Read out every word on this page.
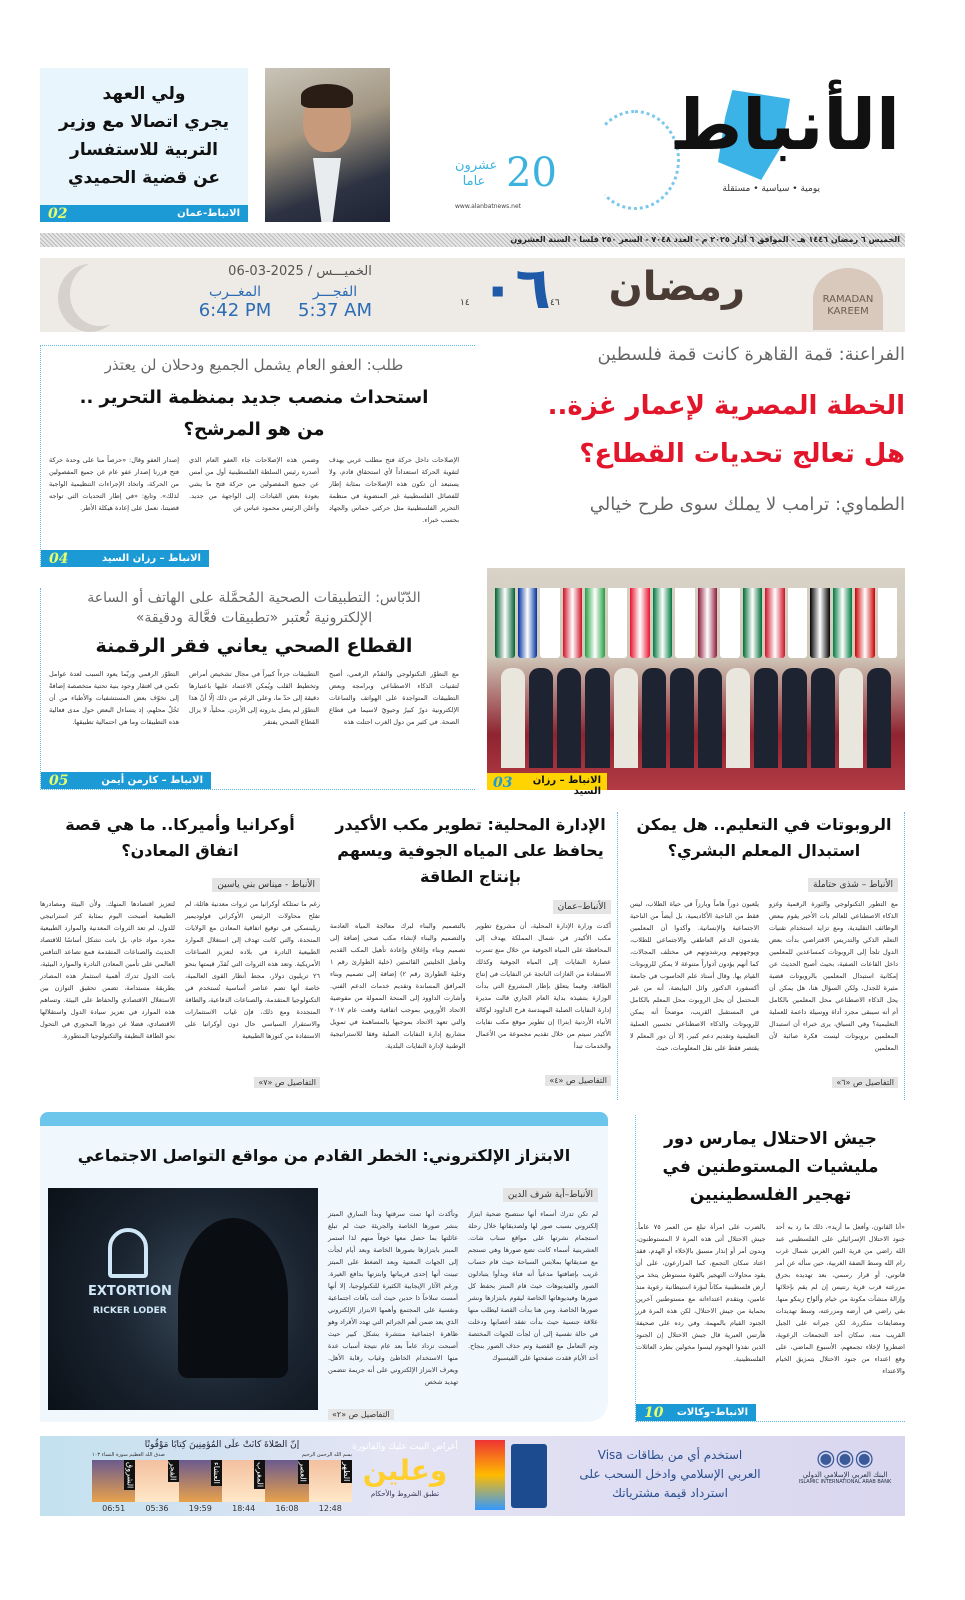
الأنباط
يومية • سياسية • مستقلة
20
عشرون عاما
www.alanbatnews.net
ولي العهد
يجري اتصالا مع وزير
التربية للاستفسار
عن قضية الحميدي
الانباط-عمان
02
الخميس ٦ رمضان ١٤٤٦ هـ - الموافق ٦ آذار ٢٠٢٥ م - العدد ٧٠٤٨ - السعر ٢٥٠ فلسا - السنة العشرون
RAMADAN KAREEM
رمضان
٤٦
٠٦
١٤
الخميـــس / 2025-03-06
الفجـــر
5:37 AM
المغــرب
6:42 PM
الفراعنة: قمة القاهرة كانت قمة فلسطين
الخطة المصرية لإعمار غزة..
هل تعالج تحديات القطاع؟
الطماوي: ترامب لا يملك سوى طرح خيالي
الانباط – رزان السيد
03
طلب: العفو العام يشمل الجميع ودحلان لن يعتذر
استحداث منصب جديد بمنظمة التحرير ..
من هو المرشح؟

الإصلاحات داخل حركة فتح مطلب عربي يهدف لتقوية الحركة استعداداً لأي استحقاق قادم، ولا يستبعد أن تكون هذه الإصلاحات بمثابة إطار للفصائل الفلسطينية غير المنضوية في منظمة التحرير الفلسطينية مثل حركتي حماس والجهاد بحسب خبراء.

وضمن هذه الإصلاحات جاء العفو العام الذي أصدره رئيس السلطة الفلسطينية أول من أمس عن جميع المفصولين من حركة فتح ما يشي بعودة بعض القيادات إلى الواجهة من جديد. وأعلن الرئيس محمود عباس عن

إصدار العفو وقال: «حرصاً منا على وحدة حركة فتح قررنا إصدار عفو عام عن جميع المفصولين من الحركة، واتخاذ الإجراءات التنظيمية الواجبة لذلك». وتابع: «في إطار التحديات التي تواجه قضيتنا، نعمل على إعادة هيكلة الأطر.

الانباط – رزان السيد
04
الدّبّاس: التطبيقات الصحية المُحمَّلة على الهاتف أو الساعة
الإلكترونية تُعتبر «تطبيقات فعَّالة ودقيقة»
القطاع الصحي يعاني فقر الرقمنة

مع التطوّر التكنولوجي والتقدّم الرقمي، أصبح لتقنيات الذكاء الاصطناعي وبرامجه وبعض التطبيقات المتواجدة على الهواتف والساعات الإلكترونية دورٌ كبيرٌ وحيويّ لاسيما في قطاع الصحة. في كثير من دول الغرب احتلت هذه

التطبيقات جزءاً كبيراً في مجال تشخيص أمراض وتخطيط القلب ويُمكن الاعتماد عليها باعتبارها دقيقة إلى حدّ ما، وعلى الرغم من ذلك إلّا أنّ هذا التطوّر لم يصل بذروته إلى الأردن. محلياً، لا يزال القطاع الصحي يفتقر

التطوّر الرقمي وربّما يعود السبب لعدة عوامل تكمن في افتقار وجود بنية تحتية متخصصة إضافةً إلى تخوّف بعض المستشفيات والأطباء من أن تَحُلّ محلهم، إذ يتساءل البعض حول مدى فعالية هذه التطبيقات وما هي احتمالية تطبيقها.

الانباط – كارمن أيمن
05
الروبوتات في التعليم.. هل يمكن
استبدال المعلم البشري؟
الأنباط – شذى حتاملة

مع التطور التكنولوجي والثورة الرقمية وغزو الذكاء الاصطناعي للعالم بات الأخير يقوم ببعض الوظائف التقليدية، ومع تزايد استخدام تقنيات التعلم الذكي والتدريس الافتراضي بدأت بعض الدول تلجأ إلى الروبوتات كمساعدين للمعلمين داخل القاعات الصفية، بحيث أصبح الحديث عن إمكانية استبدال المعلمين بالروبوتات قضية مثيرة للجدل، ولكن السؤال هنا، هل يمكن أن يحل الذكاء الاصطناعي محل المعلمين بالكامل أم أنه سيبقى مجرد أداة ووسيلة داعمة للعملية التعليمية؟ وفي السياق، يرى خبراء أن استبدال المعلمين بروبوتات ليست فكرة صائبة لأن المعلمين

يلعبون دوراً هاماً وبارزاً في حياة الطلاب، ليس فقط من الناحية الأكاديمية، بل أيضاً من الناحية الاجتماعية والإنسانية. وأكدوا أن المعلمين يقدمون الدعم العاطفي والاجتماعي للطلاب، ويوجهونهم ويرشدونهم في مختلف المجالات، كما أنهم يؤدون أدواراً متنوعة لا يمكن للروبوتات القيام بها. وقال أستاذ علم الحاسوب في جامعة أكسفورد الدكتور وائل البيايضة، أنه من غير المحتمل أن يحل الروبوت محل المعلم بالكامل في المستقبل القريب، موضحاً أنه يمكن للروبوتات والذكاء الاصطناعي تحسين العملية التعليمية وتقديم دعم كبير، إلا أن دور المعلم لا يقتصر فقط على نقل المعلومات، حيث

التفاصيل ص «٦»
الإدارة المحلية: تطوير مكب الأكيدر
يحافظ على المياه الجوفية ويسهم
بإنتاج الطاقة
الأنباط–عمان

أكدت وزارة الإدارة المحلية، أن مشروع تطوير مكب الأكيدر في شمال المملكة يهدف إلى المحافظة على المياه الجوفية من خلال منع تسرب عصارة النفايات إلى المياه الجوفية وكذلك الاستفادة من الغازات الناتجة عن النفايات في إنتاج الطاقة. وفيما يتعلق بإطار المشروع التي بدأت الوزارة بتنفيذه بداية العام الجاري قالت مديرة إدارة النفايات الصلبة المهندسة فرح الداوود لوكالة الأنباء الأردنية (بترا) إن تطوير موقع مكب نفايات الأكيدر سيتم من خلال تقديم مجموعة من الأعمال والخدمات تبدأ

بالتصميم والبناء لبرك معالجة المياه العادمة والتصميم والبناء لإنشاء مكب صحي إضافة إلى تصميم وبناء وإغلاق وإعادة تأهيل المكب القديم وتأهيل الخليتين القائمتين (خلية الطوارئ رقم ١ وخلية الطوارئ رقم ٢) إضافة إلى تصميم وبناء المرافق المساندة وتقديم خدمات الدعم الفني. وأشارت الداوود إلى المنحة الممولة من مفوضية الاتحاد الأوروبي بموجب اتفاقية وقعت عام ٢٠١٧ والتي تعهد الاتحاد بموجبها بالمساهمة في تمويل مشاريع إدارة النفايات الصلبة وفقا للاستراتيجية الوطنية لإدارة النفايات البلدية.

التفاصيل ص «٤»
أوكرانيا وأميركا.. ما هي قصة
اتفاق المعادن؟
الأنباط - ميناس بني ياسين

رغم ما تمتلكه أوكرانيا من ثروات معدنية هائلة، لم تفلح محاولات الرئيس الأوكراني فولوديمير زيلينسكي في توقيع اتفاقية المعادن مع الولايات المتحدة، والتي كانت تهدف إلى استغلال الموارد الطبيعية النادرة في بلاده لتعزيز الصناعات الأمريكية. وتعد هذه الثروات التي تُقدّر قيمتها بنحو ٢٦ تريليون دولار، محط أنظار القوى العالمية، خاصة أنها تضم عناصر أساسية تُستخدم في التكنولوجيا المتقدمة، والصناعات الدفاعية، والطاقة المتجددة ومع ذلك، فإن غياب الاستثمارات والاستقرار السياسي حال دون أوكرانيا على الاستفادة من كنوزها الطبيعية

لتعزيز اقتصادها المنهك. ولأن البيئة ومصادرها الطبيعية أصبحت اليوم بمثابة كنز استراتيجي للدول، لم تعد الثروات المعدنية والموارد الطبيعية مجرد مواد خام، بل باتت تشكل أساسًا للاقتصاد الحديث والصناعات المتقدمة فمع تصاعد التنافس العالمي على تأمين المعادن النادرة والموارد البيئية، باتت الدول تدرك أهمية استثمار هذه المصادر بطريقة مستدامة، تضمن تحقيق التوازن بين الاستغلال الاقتصادي والحفاظ على البيئة. وتساهم هذه الموارد في تعزيز سيادة الدول واستقلالها الاقتصادي، فضلا عن دورها المحوري في التحول نحو الطاقة النظيفة والتكنولوجيا المتطورة.

التفاصيل ص «٧»
الابتزاز الإلكتروني: الخطر القادم من مواقع التواصل الاجتماعي
EXTORTION
RICKER LODER
الأنباط–أية شرف الدين

لم تكن تدرك أسماء أنها ستصبح ضحية ابتزاز إلكتروني بسبب صور لها ولصديقاتها خلال رحلة استجمام نشرتها على مواقع سناب شات. العشرينية أسماء كانت تضع صورها وهي تستجم مع صديقاتها بملابس السباحة حيث قام حساب غريب بإضافتها مدعياً أنه فتاة وبدأوا يتبادلون الصور والفيديوهات حيث قام المبتز بحفظ كل صورها وفيديوهاتها الخاصة ليقوم بابتزازها ونشر صورها الخاصة. ومن هنا بدأت القصة ليطلب منها علاقة جنسية حيث بدأت تفقد أعصابها ودخلت في حالة نفسية إلى أن لجأت للجهات المختصة وتم التعامل مع القضية وتم حذف الصور بنجاح. أحد الأيام فقدت صفحتها على الفيسبوك

وتأكدت أنها تمت سرقتها وبدأ السارق المبتز بنشر صورها الخاصة والجريئة حيث لم تبلغ عائلتها بما حصل معها خوفاً منهم لذا استمر المبتز بابتزازها بصورها الخاصة وبعد أيام لجأت إلى الجهات المعنية وبعد الضغط على المبتز تبينت أنها إحدى قريباتها وابتزتها بدافع الغيرة. ورغم الآثار الإيجابية الكثيرة للتكنولوجيا، إلا أنها أمست سلاحاً ذا حدين حيث أتت بآفات اجتماعية ونفسية على المجتمع وأهمها الابتزاز الإلكتروني الذي يعد ضمن أهم الجرائم التي تهدد الأفراد وهو ظاهرة اجتماعية منتشرة بشكل كبير حيث أصبحت تزداد عاماً بعد عام نتيجة أسباب عدة منها الاستخدام الخاطئ وغياب رقابة الأهل. ويعرف الابتزاز الإلكتروني على أنه جريمة تتضمن تهديد شخص

التفاصيل ص «٢»
جيش الاحتلال يمارس دور
مليشيات المستوطنين في
تهجير الفلسطينيين

«أنا القانون، وأفعل ما أريد»، ذلك ما رد به أحد جنود الاحتلال الإسرائيلي على الفلسطيني عبد الله راضي من قرية التين الغربي شمال غرب رام الله وسط الضفة الغربية، حين سأله عن أمر قانوني، أو قرار رسمي، بعد تهديده بحرق مزرعته قرب قرية رنتيس إن لم يقم بإخلائها وإزالة منشآت مكونة من خيام وألواح زينكو منها. بقي راضي في أرضه ومزرعته، وسط تهديدات ومضايقات متكررة، لكن جيرانه على الجبل القريب منه، سكان أحد التجمعات الرعوية، اضطروا لإخلاء تجمعهم، الأسبوع الماضي، على وقع اعتداء من جنود الاحتلال بتمزيق الخيام والاعتداء

بالضرب على امرأة تبلغ من العمر ٧٥ عاماً. جيش الاحتلال أتى هذه المرة لا المستوطنون، وبدون أمر أو إنذار مسبق بالإخلاء أو الهدم، فقد اعتاد سكان التجمع، كما المزارعون، على أن يقود محاولات التهجير بالقوة مستوطن يتخذ من أرض فلسطينية مكاناً لبؤرة استيطانية رعوية منذ عامين، ويتقدم اعتداءاته مع مستوطنين آخرين بحماية من جيش الاحتلال، لكن هذه المرة قرر الجنود القيام بالمهمة. وفي رده على صحيفة هآرتس العبرية قال جيش الاحتلال إن الجنود الذين نفذوا الهجوم ليسوا مخولين بطرد العائلات الفلسطينية.

الانباط–وكالات
10
◉◉◉
البنك العربي الإسلامي الدولي
ISLAMIC INTERNATIONAL ARAB BANK
استخدم أي من بطاقات Visa
العربي الإسلامي وادخل السحب على
استرداد قيمة مشترياتك
أغراض البيت عليك والفاتورة
وعلين
تطبق الشروط والأحكام
إنّ الصّلاةَ كانَتْ علَى المُؤمِنِينَ كِتابًا مَوْقُوتًا
بسم الله الرحمن الرحيم
صدق الله العظيم سورة النساء ١٠٣
الشروق
06:51
الفجر
05:36
العشاء
19:59
المغرب
18:44
العصر
16:08
الظهر
12:48
